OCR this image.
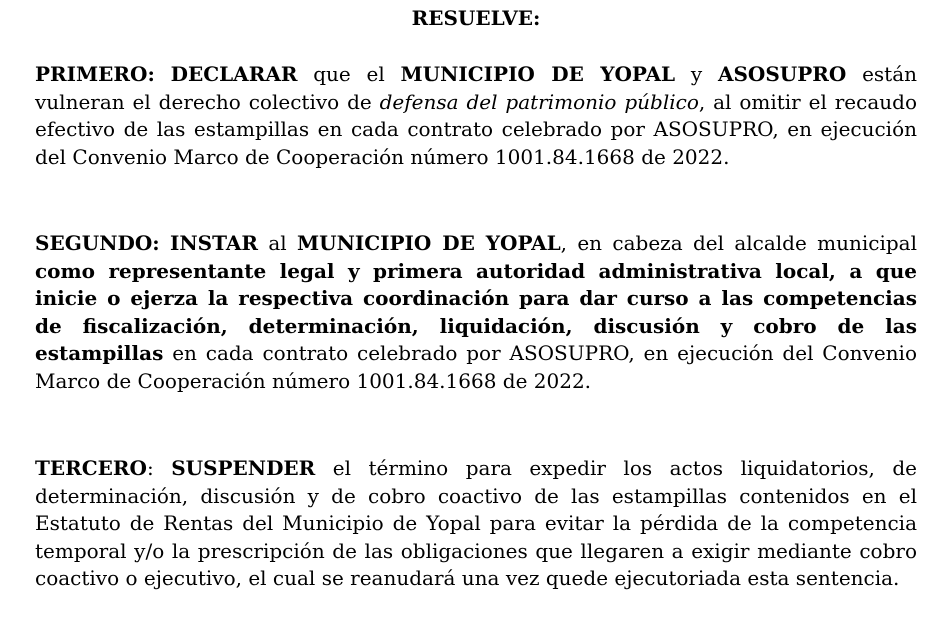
RESUELVE:

PRIMERO: DECLARAR que el MUNICIPIO DE YOPAL y ASOSUPRO están vulneran el derecho colectivo de defensa del patrimonio público, al omitir el recaudo efectivo de las estampillas en cada contrato celebrado por ASOSUPRO, en ejecución del Convenio Marco de Cooperación número 1001.84.1668 de 2022.

SEGUNDO: INSTAR al MUNICIPIO DE YOPAL, en cabeza del alcalde municipal como representante legal y primera autoridad administrativa local, a que inicie o ejerza la respectiva coordinación para dar curso a las competencias de fiscalización, determinación, liquidación, discusión y cobro de las estampillas en cada contrato celebrado por ASOSUPRO, en ejecución del Convenio Marco de Cooperación número 1001.84.1668 de 2022.

TERCERO: SUSPENDER el término para expedir los actos liquidatorios, de determinación, discusión y de cobro coactivo de las estampillas contenidos en el Estatuto de Rentas del Municipio de Yopal para evitar la pérdida de la competencia temporal y/o la prescripción de las obligaciones que llegaren a exigir mediante cobro coactivo o ejecutivo, el cual se reanudará una vez quede ejecutoriada esta sentencia.
